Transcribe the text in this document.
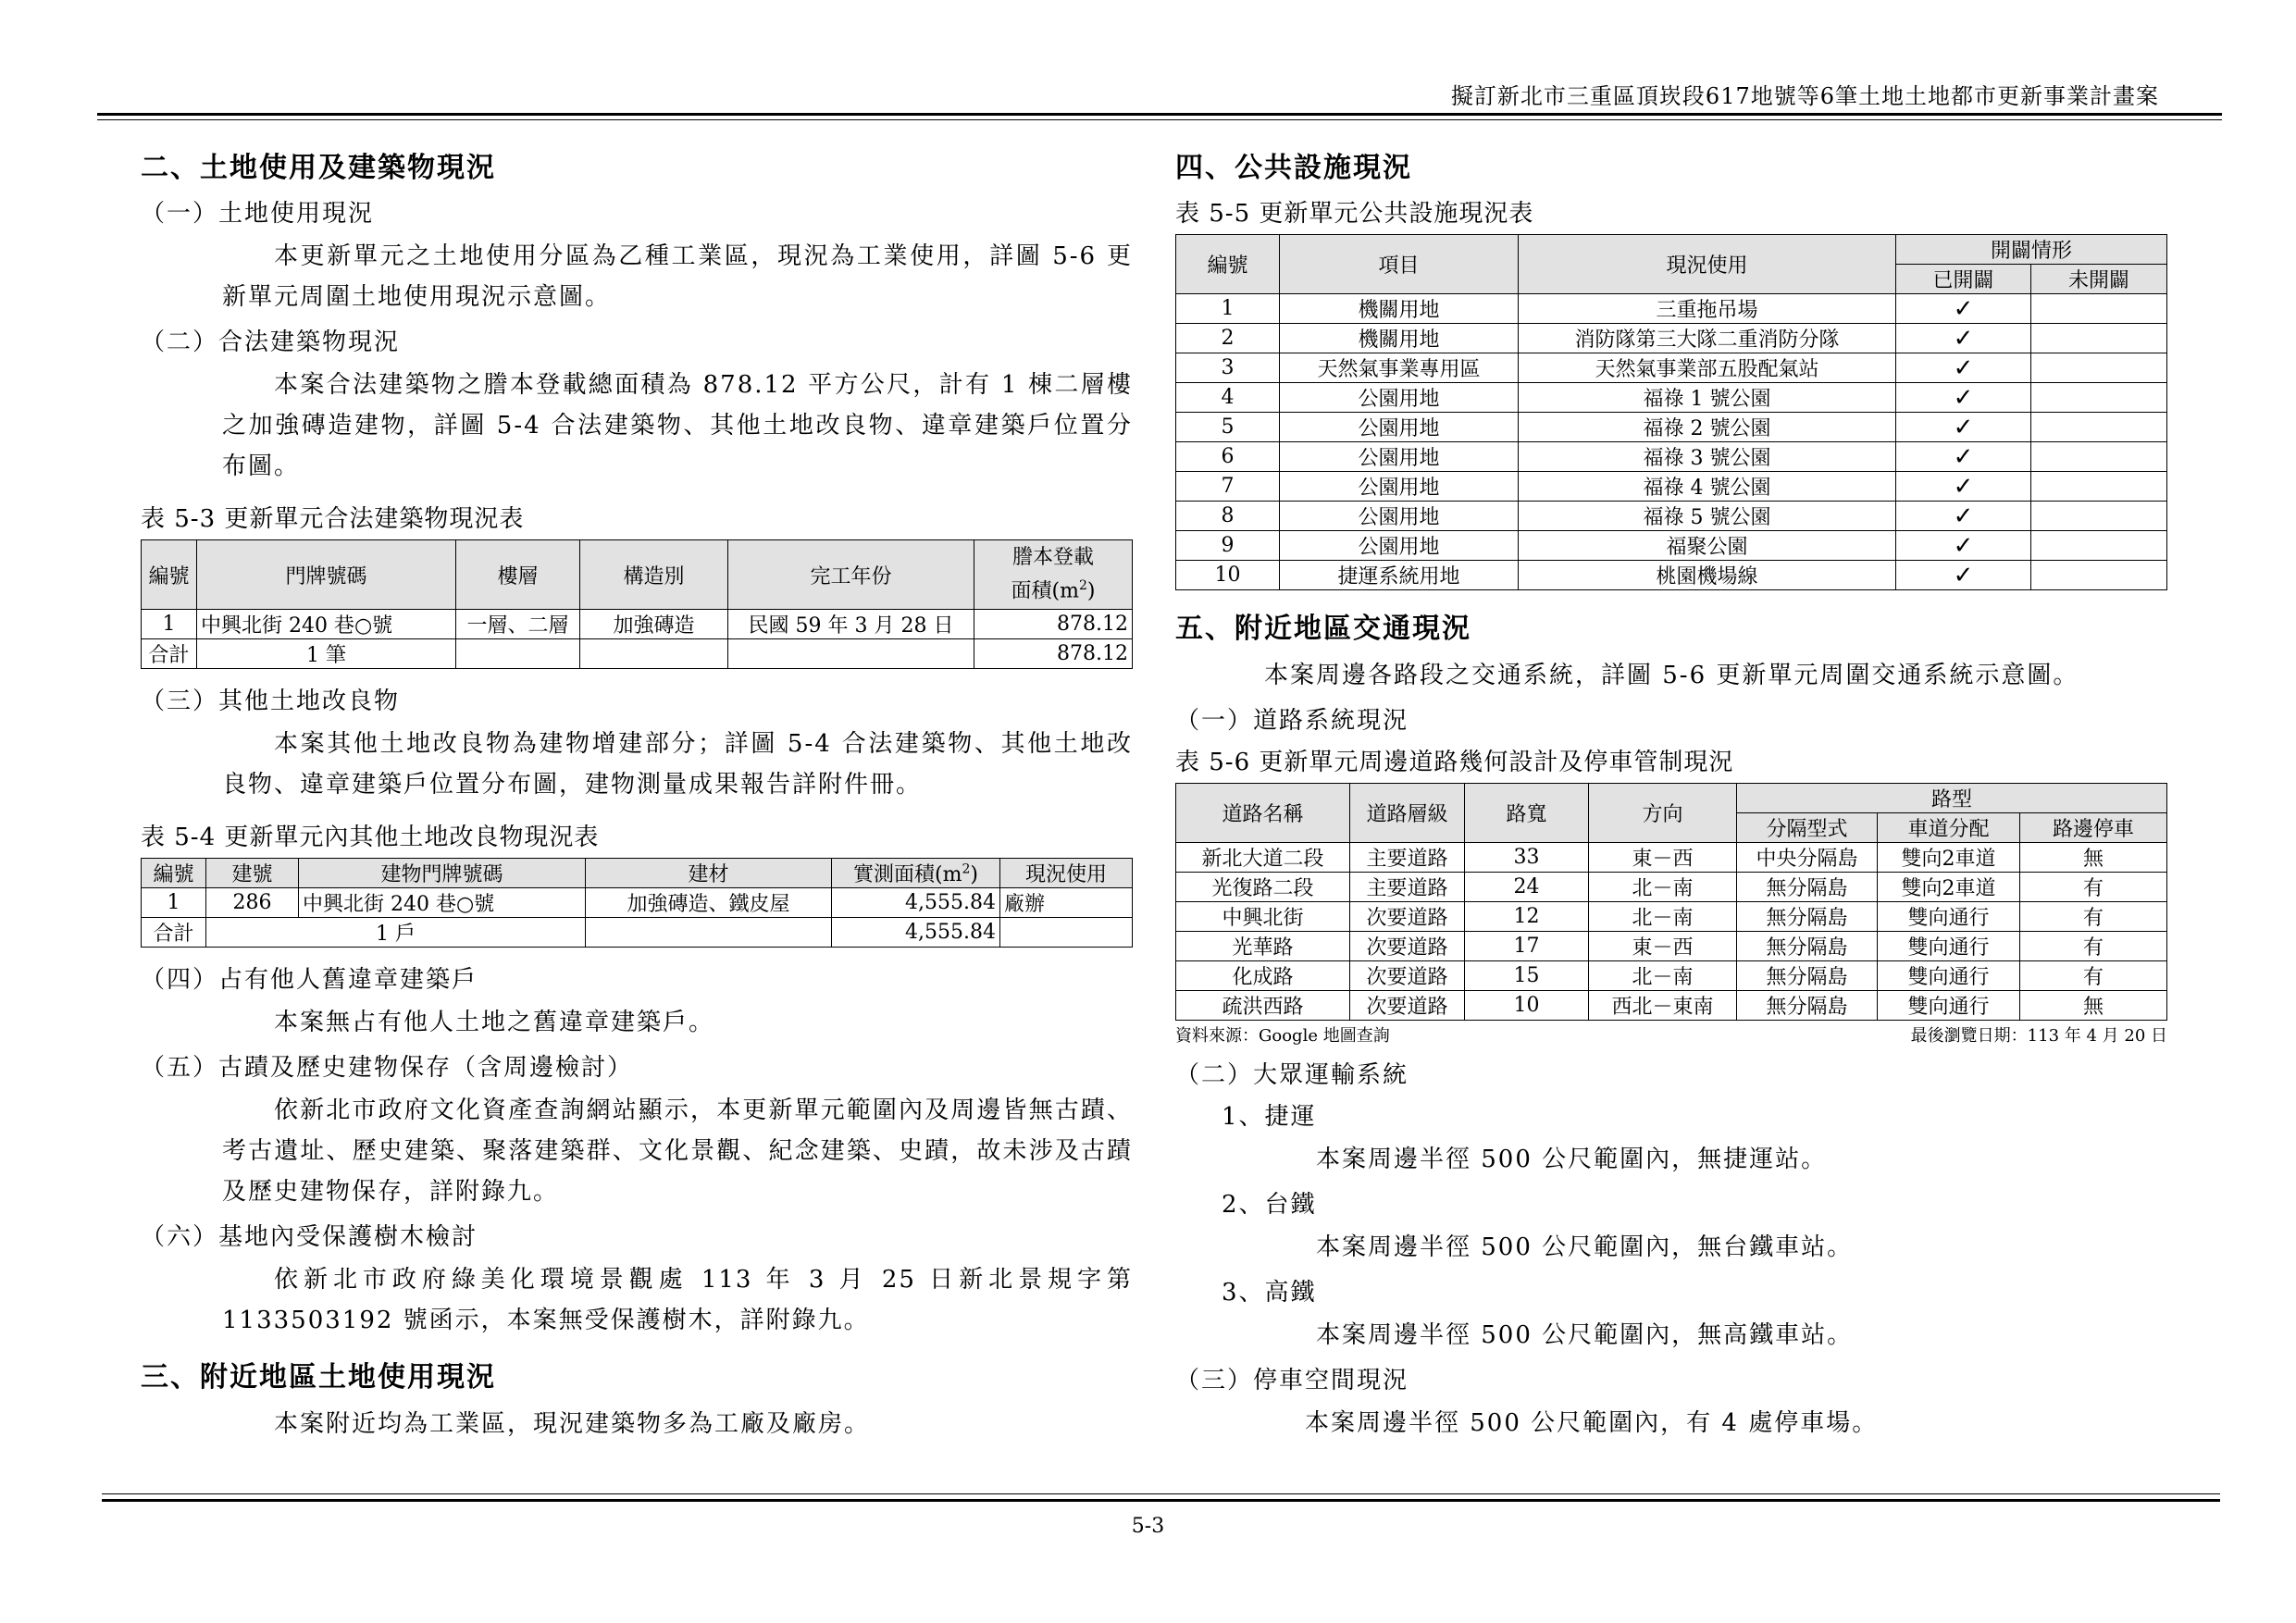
擬訂新北市三重區頂崁段617地號等6筆土地土地都市更新事業計畫案
二、土地使用及建築物現況
（一）土地使用現況
本更新單元之土地使用分區為乙種工業區，現況為工業使用，詳圖 5-6 更新單元周圍土地使用現況示意圖。
（二）合法建築物現況
本案合法建築物之謄本登載總面積為 878.12 平方公尺，計有 1 棟二層樓之加強磚造建物，詳圖 5-4 合法建築物、其他土地改良物、違章建築戶位置分布圖。
表 5-3 更新單元合法建築物現況表
編號	門牌號碼	樓層	構造別	完工年份	謄本登載
面積$(m^2)$

1	中興北街 240 巷○號	一層、二層	加強磚造	民國 59 年 3 月 28 日	878.12
合計	1 筆				878.12
（三）其他土地改良物
本案其他土地改良物為建物增建部分；詳圖 5-4 合法建築物、其他土地改良物、違章建築戶位置分布圖，建物測量成果報告詳附件冊。
表 5-4 更新單元內其他土地改良物現況表
編號	建號	建物門牌號碼	建材	實測面積$(m^2)$	現況使用
1	286	中興北街 240 巷○號	加強磚造、鐵皮屋	4,555.84	廠辦
合計	1 戶			4,555.84	
（四）占有他人舊違章建築戶
本案無占有他人土地之舊違章建築戶。
（五）古蹟及歷史建物保存（含周邊檢討）
依新北市政府文化資產查詢網站顯示，本更新單元範圍內及周邊皆無古蹟、考古遺址、歷史建築、聚落建築群、文化景觀、紀念建築、史蹟，故未涉及古蹟及歷史建物保存，詳附錄九。
（六）基地內受保護樹木檢討
依新北市政府綠美化環境景觀處 113 年 3 月 25 日新北景規字第 1133503192 號函示，本案無受保護樹木，詳附錄九。
三、附近地區土地使用現況
本案附近均為工業區，現況建築物多為工廠及廠房。
四、公共設施現況
表 5-5 更新單元公共設施現況表
編號	項目	現況使用	開闢情形	
			已開闢	未開闢
1	機關用地	三重拖吊場	✓	
2	機關用地	消防隊第三大隊二重消防分隊	✓	
3	天然氣事業專用區	天然氣事業部五股配氣站	✓	
4	公園用地	福祿 1 號公園	✓	
5	公園用地	福祿 2 號公園	✓	
6	公園用地	福祿 3 號公園	✓	
7	公園用地	福祿 4 號公園	✓	
8	公園用地	福祿 5 號公園	✓	
9	公園用地	福聚公園	✓	
10	捷運系統用地	桃園機場線	✓	
五、附近地區交通現況
本案周邊各路段之交通系統，詳圖 5-6 更新單元周圍交通系統示意圖。
（一）道路系統現況
表 5-6 更新單元周邊道路幾何設計及停車管制現況
道路名稱	道路層級	路寬	方向	路型		
				分隔型式	車道分配	路邊停車
新北大道二段	主要道路	33	東－西	中央分隔島	雙向2車道	無
光復路二段	主要道路	24	北－南	無分隔島	雙向2車道	有
中興北街	次要道路	12	北－南	無分隔島	雙向通行	有
光華路	次要道路	17	東－西	無分隔島	雙向通行	有
化成路	次要道路	15	北－南	無分隔島	雙向通行	有
疏洪西路	次要道路	10	西北－東南	無分隔島	雙向通行	無
資料來源：Google 地圖查詢	最後瀏覽日期：113 年 4 月 20 日
（二）大眾運輸系統
1、捷運
本案周邊半徑 500 公尺範圍內，無捷運站。
2、台鐵
本案周邊半徑 500 公尺範圍內，無台鐵車站。
3、高鐵
本案周邊半徑 500 公尺範圍內，無高鐵車站。
（三）停車空間現況
本案周邊半徑 500 公尺範圍內，有 4 處停車場。
5-3
